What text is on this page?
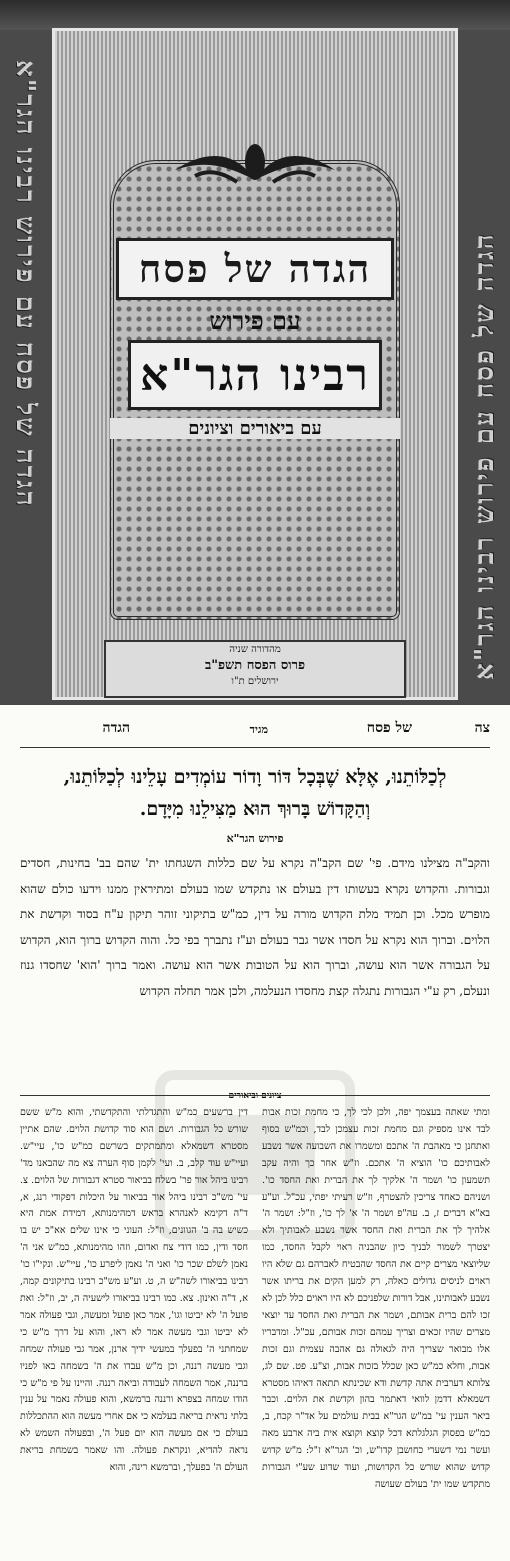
הגדה של פסח עם פירוש רבינו הגר"א	הגדה של פסח עם פירוש רבינו הגר"א
הגדה של פסח
עם פירוש
רבינו הגר"א
עם ביאורים וציונים
מהדורה שניה
פרוס הפסח תשפ"ב
ירושלים ת"ו
צה
של פסח
מגיד
הגדה
לְכַלּוֹתֵנוּ, אֶלָּא שֶׁבְּכָל דּוֹר וָדוֹר עוֹמְדִים עָלֵינוּ לְכַלּוֹתֵנוּ,
וְהַקָּדוֹשׁ בָּרוּךְ הוּא מַצִּילֵנוּ מִיָּדָם.
פירוש הגר"א
והקב"ה מצילנו מידם. פי' שם הקב"ה נקרא על שם כללות השגחתו ית' שהם בב' בחינות, חסדים וגבורות. והקדוש נקרא בעשותו דין בעולם או נתקדש שמו בעולם ומתיראין ממנו וידעו כולם שהוא מופרש מכל. וכן תמיד מלת הקדוש מורה על דין, כמ"ש בתיקוני זוהר תיקון ע"ח בסוד וקדשת את הלוים. וברוך הוא נקרא על חסדו אשר גבר בעולם וע"ז נתברך בפי כל. והוה הקדוש ברוך הוא, הקדוש על הגבורה אשר הוא עושה, וברוך הוא על הטובות אשר הוא עושה. ואמר ברוך 'הוא' שחסדו גנוז ונעלם, רק ע"י הגבורות נתגלה קצת מחסדו הנעלמה, ולכן אמר תחלה הקדוש
ציונים וביאורים

ומתי שאתה בעצמך יפה, ולכן לכי לך, כי מחמת זכות אבות לבד אינו מספיק וגם מחמת זכות עצמכן לבד, וכמ"ש בסוף ואתחנן כי מאהבת ה' אתכם ומשמרו את השבועה אשר נשבע לאבותיכם כו' הוציא ה' אתכם. וז"ש אחר כך והיה עקב תשמעון כו' ושמר ה' אלקיך לך את הברית ואת החסד כו'. ושניהם כאחד צריכין להצטרף, וז"ש רעיתי יפתי, עכ"ל. וע"ע בא"א דברים ז, ב. עה"פ ושמר ה' א' לך כו', וז"ל: ושמר ה' אלהיך לך את הברית ואת החסד אשר נשבע לאבותיך ולא יצטרך לשמור לבניך כיון שהבניה ראוי לקבל החסד, כמו שליוצאי מצרים קיים את החסד שהבטיח לאברהם גם שלא היו ראוים לניסים גדולים כאלה, רק למען הקים את בריתו אשר נשבע לאבותינו, אבל דורות שלפניכם לא היו ראוים כלל לכן לא זכו להם ברית אבותם, ושמר את הברית ואת החסד עד יוצאי מצרים שהיו זכאים וצריך עמהם זכות אבותם, עכ"ל. ומדבריו אלו מבואר שצריך היה לגאולה גם אהבה עצמית וגם זכות אבות, וחלא כמ"ש כאן שכלל בזכות אבות, וצ"ע. פט. שם לג, צלותא דערבית אתה קדשת ודא שכינתא תתאה דאיהו מסטרא דשמאלא דדמן לוואי דאתמר בהון וקדשת את הלוים. וכבר ביאר הענין עי' במ"ש הגר"א בבית עולמים על אד"ר קכח, ב, כמ"ש בפסוק הגלגלתא דכל קוצא וקוצא אית ביה ארבע מאה ועשר נמי דשערי כחושבן קדו"ש, וכ' הגר"א ז"ל: מ"ש קדוש קדוש שהוא שורש כל הקדושות, ועוד שדוע שע"י הגבורות מתקדש שמו ית' בעולם שעושה

דין ברשעים כמ"ש והתגדלתי והתקדשתי, והוא מ"ש ששם שורש כל הגבורות. ושם הוא סוד קדושת הלוים. שהם אתיין מסטרא דשמאלא ומתמתקים בשרשם כמ"ש כו', עיי"ש. ועיי"ש עוד קלב, ב. ועי' לקמן סוף הערה צא מה שהבאנו מד' רבינו ביהל אור פר' בשלח בביאור סטרא דגבורות של הלוים. צ. עי' מש"כ רבינו ביהל אור בביאור על היכלות דפקודי רנג, א, ד"ה דקימא לאנהרא בראש דמהימנותא, דמידת אמת היא כשיש בה ב' הגוונים, וז"ל: העוני כי אינו שלים אא"כ יש בו חסד ודין, כמו דודי צח ואדום, וזהו מהימנותא, כמ"ש אני ה' נאמן לשלם שכר כו' ואני ה' נאמן ליפרע כו', עיי"ש. ונקי"ו כו' רבינו בביאורו לשה"ש ה, ט. וע"ע מש"כ רבינו בתיקונים קמה, א, ד"ה ואינון. צא. כמו רבינו בביאורו לישעיה ה, יב, וז"ל: ואת פועל ה' לא יביטו וגו', אמר כאן פועל ומעשה, וגבי פעולה אמר לא יביטו וגבי מעשה אמר לא ראו, והוא על דרך מ"ש כי שמחתני ה' בפעלך במעשי ידיך ארנן, אמר גבי פעולה שמחה וגבי מעשה רננה, וכן מ"ש עבדו את ה' בשמחה באו לפניו ברננה, אמר השמחה לעבודה וביאה רננה. והיינו על פי מ"ש כי הודו שמחה בצפרא ורננה ברמשא, והוא פעולה נאמר על ענין בלתי נראית בריאה בעלמא כי אם אחרי מעשה הוא ההתכללות בעולם כי אם מעשה הוא יום פעל ה', ובפעולה השמש לא נראה להדיא, ונקראת פעולה. והו שאמר בשמחת בריאת העולם ה' בפעלך, וברמשא רינה, והוא
